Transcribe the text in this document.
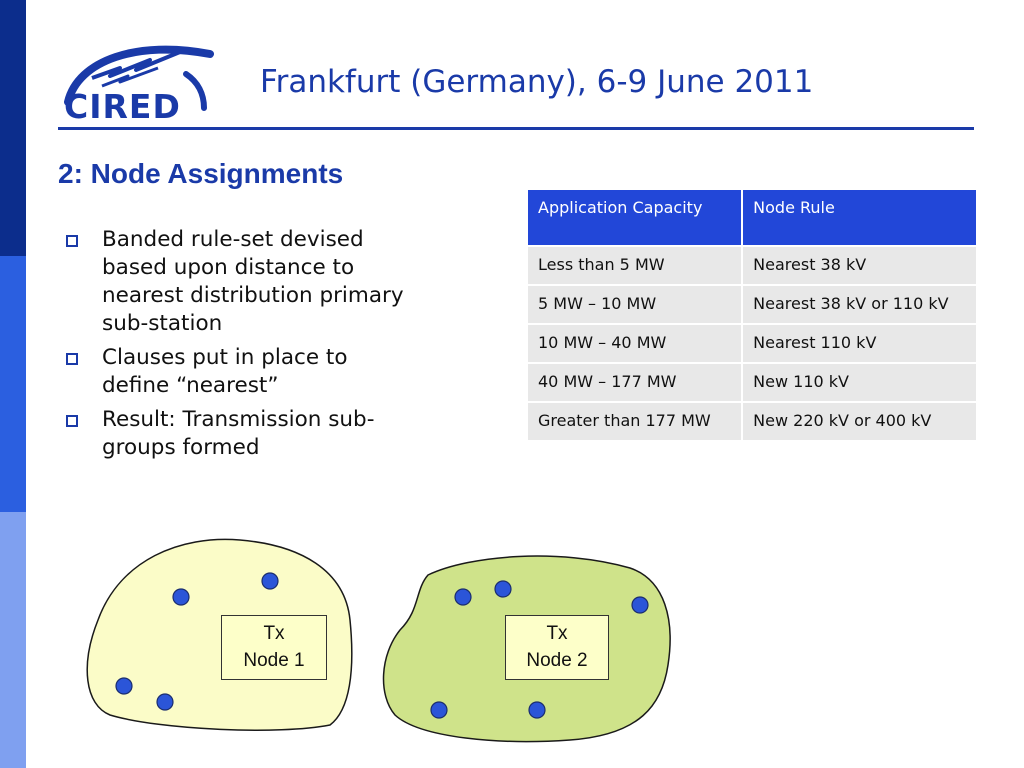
CIRED
Frankfurt (Germany), 6-9 June 2011
2: Node Assignments
Banded rule-set devised based upon distance to nearest distribution primary sub-station
Clauses put in place to define “nearest”
Result: Transmission sub-groups formed
Application Capacity	Node Rule
Less than 5 MW	Nearest 38 kV
5 MW – 10 MW	Nearest 38 kV or 110 kV
10 MW – 40 MW	Nearest 110 kV
40 MW – 177 MW	New 110 kV
Greater than 177 MW	New 220 kV or 400 kV
Tx
Node 1
Tx
Node 2
